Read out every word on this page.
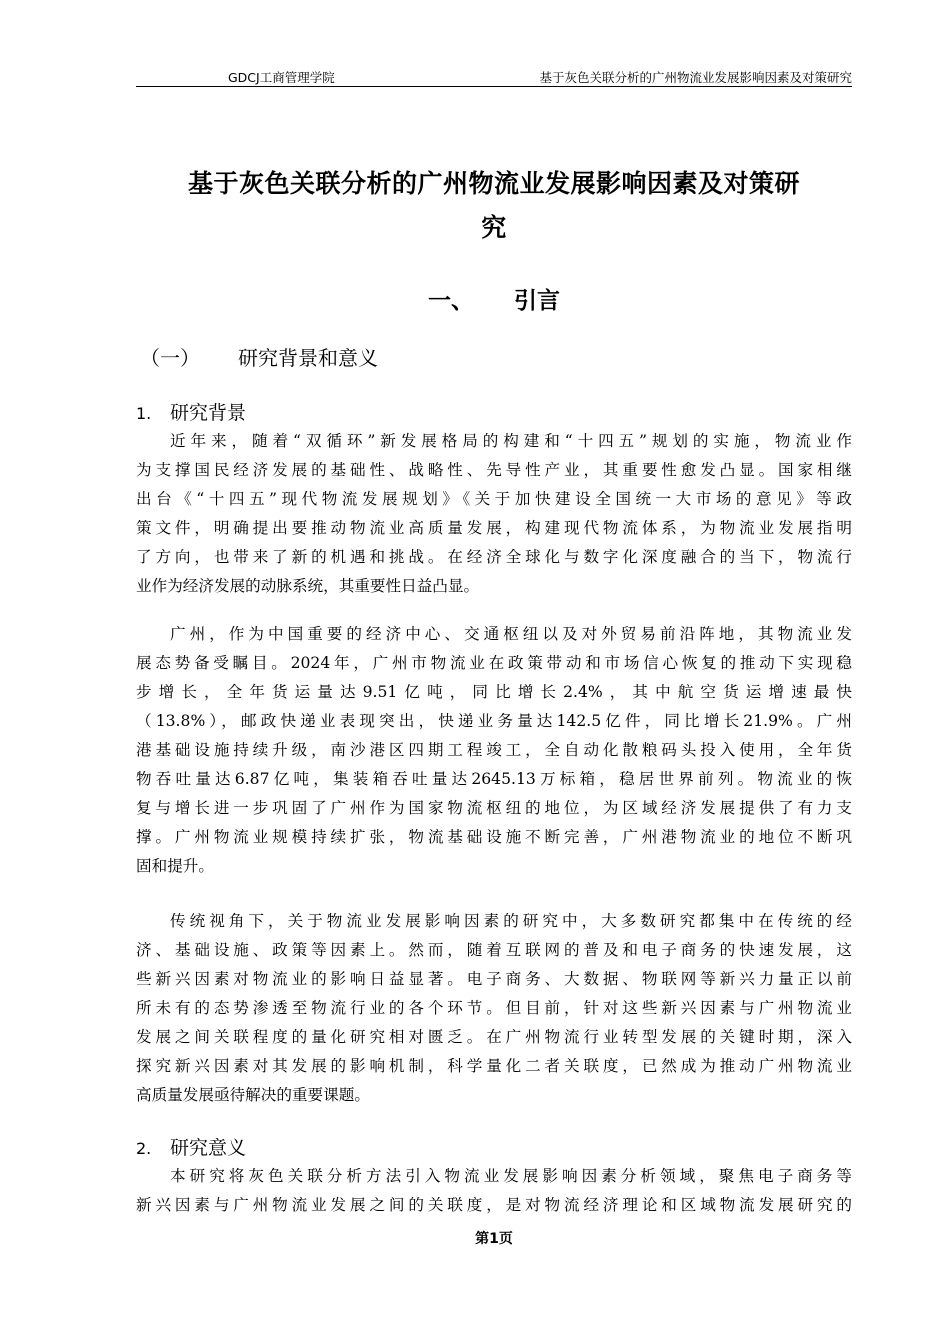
GDCJ工商管理学院	基于灰色关联分析的广州物流业发展影响因素及对策研究
基于灰色关联分析的广州物流业发展影响因素及对策研
究
一、 引言
（一） 研究背景和意义
1. 研究背景
近年来，随着“双循环”新发展格局的构建和“十四五”规划的实施，物流业作
为支撑国民经济发展的基础性、战略性、先导性产业，其重要性愈发凸显。国家相继
出台《“十四五”现代物流发展规划》《关于加快建设全国统一大市场的意见》等政
策文件，明确提出要推动物流业高质量发展，构建现代物流体系，为物流业发展指明
了方向，也带来了新的机遇和挑战。在经济全球化与数字化深度融合的当下，物流行
业作为经济发展的动脉系统，其重要性日益凸显。
广州，作为中国重要的经济中心、交通枢纽以及对外贸易前沿阵地，其物流业发
展态势备受瞩目。2024年，广州市物流业在政策带动和市场信心恢复的推动下实现稳
步增长，全年货运量达9.51亿吨，同比增长2.4%，其中航空货运增速最快
（13.8%），邮政快递业表现突出，快递业务量达142.5亿件，同比增长21.9%。广州
港基础设施持续升级，南沙港区四期工程竣工，全自动化散粮码头投入使用，全年货
物吞吐量达6.87亿吨，集装箱吞吐量达2645.13万标箱，稳居世界前列。物流业的恢
复与增长进一步巩固了广州作为国家物流枢纽的地位，为区域经济发展提供了有力支
撑。广州物流业规模持续扩张，物流基础设施不断完善，广州港物流业的地位不断巩
固和提升。
传统视角下，关于物流业发展影响因素的研究中，大多数研究都集中在传统的经
济、基础设施、政策等因素上。然而，随着互联网的普及和电子商务的快速发展，这
些新兴因素对物流业的影响日益显著。电子商务、大数据、物联网等新兴力量正以前
所未有的态势渗透至物流行业的各个环节。但目前，针对这些新兴因素与广州物流业
发展之间关联程度的量化研究相对匮乏。在广州物流行业转型发展的关键时期，深入
探究新兴因素对其发展的影响机制，科学量化二者关联度，已然成为推动广州物流业
高质量发展亟待解决的重要课题。
2. 研究意义
本研究将灰色关联分析方法引入物流业发展影响因素分析领域，聚焦电子商务等
新兴因素与广州物流业发展之间的关联度，是对物流经济理论和区域物流发展研究的
第1页
